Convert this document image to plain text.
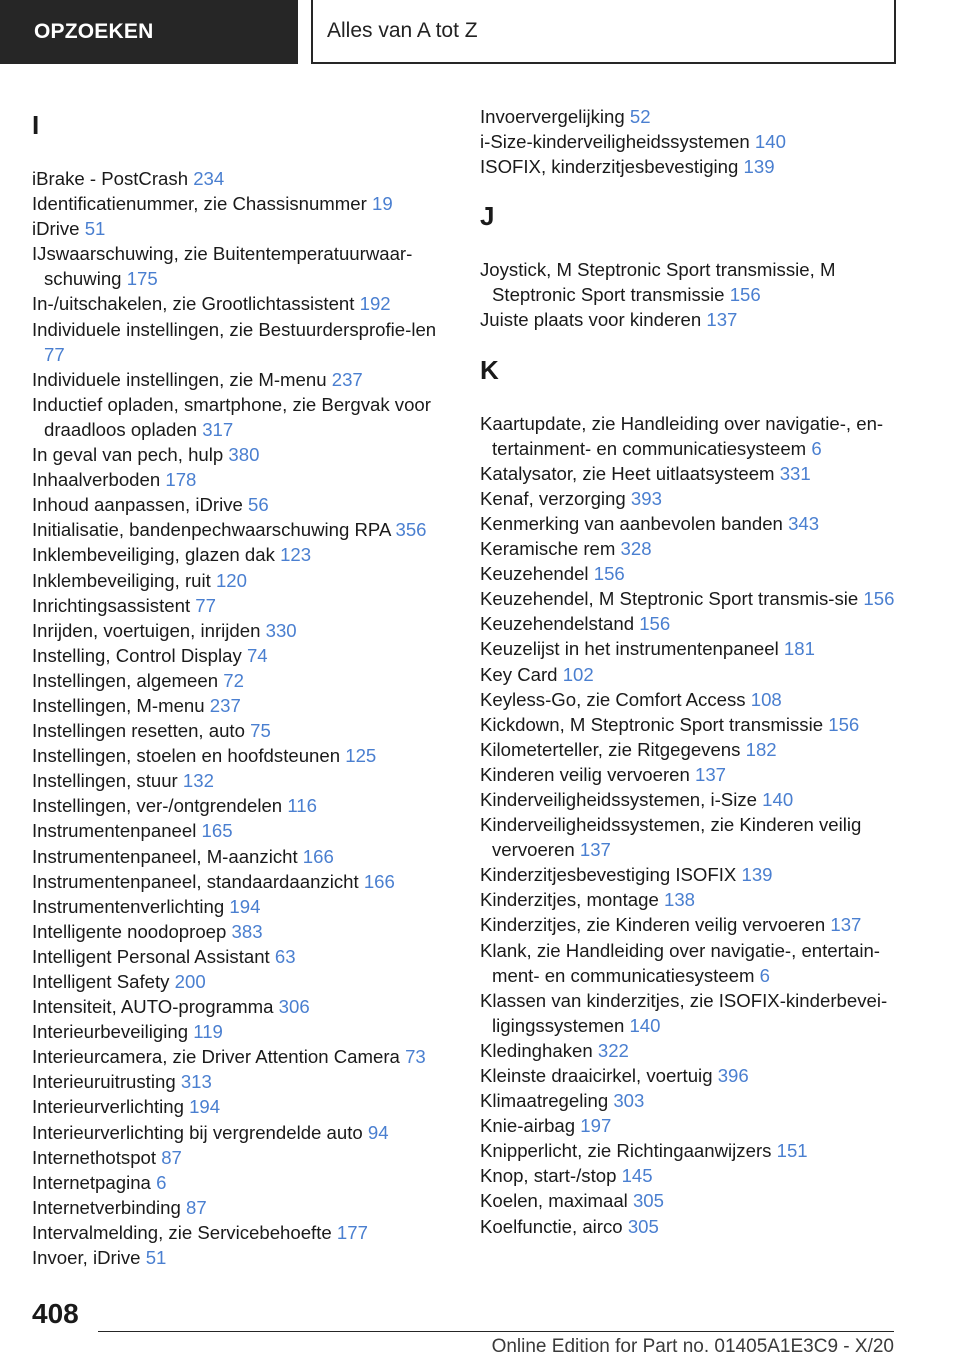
OPZOEKEN	Alles van A tot Z
I
iBrake - PostCrash 234
Identificatienummer, zie Chassisnummer 19
iDrive 51
IJswaarschuwing, zie Buitentemperatuurwaar‐schuwing 175
In-/uitschakelen, zie Grootlichtassistent 192
Individuele instellingen, zie Bestuurdersprofie‐len 77
Individuele instellingen, zie M-menu 237
Inductief opladen, smartphone, zie Bergvak voor draadloos opladen 317
In geval van pech, hulp 380
Inhaalverboden 178
Inhoud aanpassen, iDrive 56
Initialisatie, bandenpechwaarschuwing RPA 356
Inklembeveiliging, glazen dak 123
Inklembeveiliging, ruit 120
Inrichtingsassistent 77
Inrijden, voertuigen, inrijden 330
Instelling, Control Display 74
Instellingen, algemeen 72
Instellingen, M-menu 237
Instellingen resetten, auto 75
Instellingen, stoelen en hoofdsteunen 125
Instellingen, stuur 132
Instellingen, ver-/ontgrendelen 116
Instrumentenpaneel 165
Instrumentenpaneel, M-aanzicht 166
Instrumentenpaneel, standaardaanzicht 166
Instrumentenverlichting 194
Intelligente noodoproep 383
Intelligent Personal Assistant 63
Intelligent Safety 200
Intensiteit, AUTO-programma 306
Interieurbeveiliging 119
Interieurcamera, zie Driver Attention Camera 73
Interieuruitrusting 313
Interieurverlichting 194
Interieurverlichting bij vergrendelde auto 94
Internethotspot 87
Internetpagina 6
Internetverbinding 87
Intervalmelding, zie Servicebehoefte 177
Invoer, iDrive 51
Invoervergelijking 52
i-Size-kinderveiligheidssystemen 140
ISOFIX, kinderzitjesbevestiging 139
J
Joystick, M Steptronic Sport transmissie, M Steptronic Sport transmissie 156
Juiste plaats voor kinderen 137
K
Kaartupdate, zie Handleiding over navigatie-, en‐tertainment- en communicatiesysteem 6
Katalysator, zie Heet uitlaatsysteem 331
Kenaf, verzorging 393
Kenmerking van aanbevolen banden 343
Keramische rem 328
Keuzehendel 156
Keuzehendel, M Steptronic Sport transmis‐sie 156
Keuzehendelstand 156
Keuzelijst in het instrumentenpaneel 181
Key Card 102
Keyless-Go, zie Comfort Access 108
Kickdown, M Steptronic Sport transmissie 156
Kilometerteller, zie Ritgegevens 182
Kinderen veilig vervoeren 137
Kinderveiligheidssystemen, i-Size 140
Kinderveiligheidssystemen, zie Kinderen veilig vervoeren 137
Kinderzitjesbevestiging ISOFIX 139
Kinderzitjes, montage 138
Kinderzitjes, zie Kinderen veilig vervoeren 137
Klank, zie Handleiding over navigatie-, entertain‐ment- en communicatiesysteem 6
Klassen van kinderzitjes, zie ISOFIX-kinderbevei‐ligingssystemen 140
Kledinghaken 322
Kleinste draaicirkel, voertuig 396
Klimaatregeling 303
Knie-airbag 197
Knipperlicht, zie Richtingaanwijzers 151
Knop, start-/stop 145
Koelen, maximaal 305
Koelfunctie, airco 305
408
Online Edition for Part no. 01405A1E3C9 - X/20
